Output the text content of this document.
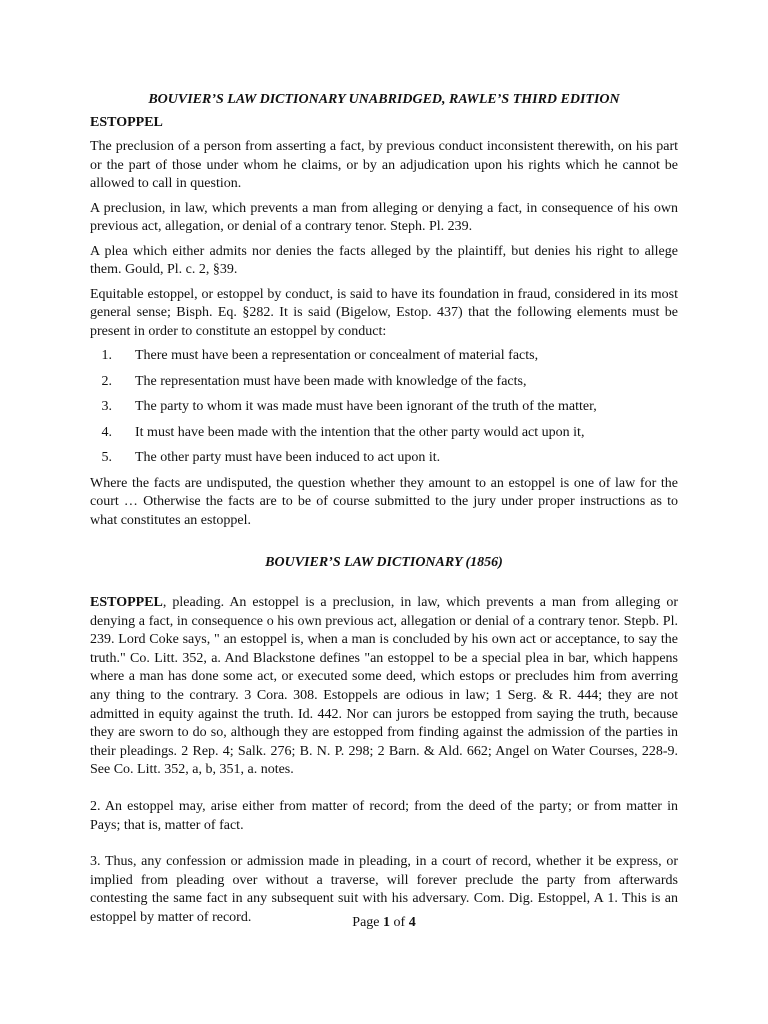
BOUVIER’S LAW DICTIONARY UNABRIDGED, RAWLE’S THIRD EDITION
ESTOPPEL

The preclusion of a person from asserting a fact, by previous conduct inconsistent therewith, on his part or the part of those under whom he claims, or by an adjudication upon his rights which he cannot be allowed to call in question.

A preclusion, in law, which prevents a man from alleging or denying a fact, in consequence of his own previous act, allegation, or denial of a contrary tenor. Steph. Pl. 239.

A plea which either admits nor denies the facts alleged by the plaintiff, but denies his right to allege them. Gould, Pl. c. 2, §39.

Equitable estoppel, or estoppel by conduct, is said to have its foundation in fraud, considered in its most general sense; Bisph. Eq. §282. It is said (Bigelow, Estop. 437) that the following elements must be present in order to constitute an estoppel by conduct:

1. There must have been a representation or concealment of material facts,
2. The representation must have been made with knowledge of the facts,
3. The party to whom it was made must have been ignorant of the truth of the matter,
4. It must have been made with the intention that the other party would act upon it,
5. The other party must have been induced to act upon it.

Where the facts are undisputed, the question whether they amount to an estoppel is one of law for the court … Otherwise the facts are to be of course submitted to the jury under proper instructions as to what constitutes an estoppel.

BOUVIER’S LAW DICTIONARY (1856)

ESTOPPEL, pleading. An estoppel is a preclusion, in law, which prevents a man from alleging or denying a fact, in consequence o his own previous act, allegation or denial of a contrary tenor. Stepb. Pl. 239. Lord Coke says, " an estoppel is, when a man is concluded by his own act or acceptance, to say the truth." Co. Litt. 352, a. And Blackstone defines "an estoppel to be a special plea in bar, which happens where a man has done some act, or executed some deed, which estops or precludes him from averring any thing to the contrary. 3 Cora. 308. Estoppels are odious in law; 1 Serg. & R. 444; they are not admitted in equity against the truth. Id. 442. Nor can jurors be estopped from saying the truth, because they are sworn to do so, although they are estopped from finding against the admission of the parties in their pleadings. 2 Rep. 4; Salk. 276; B. N. P. 298; 2 Barn. & Ald. 662; Angel on Water Courses, 228-9. See Co. Litt. 352, a, b, 351, a. notes.

2. An estoppel may, arise either from matter of record; from the deed of the party; or from matter in Pays; that is, matter of fact.

3. Thus, any confession or admission made in pleading, in a court of record, whether it be express, or implied from pleading over without a traverse, will forever preclude the party from afterwards contesting the same fact in any subsequent suit with his adversary. Com. Dig. Estoppel, A 1. This is an estoppel by matter of record.	Page 1 of 4
